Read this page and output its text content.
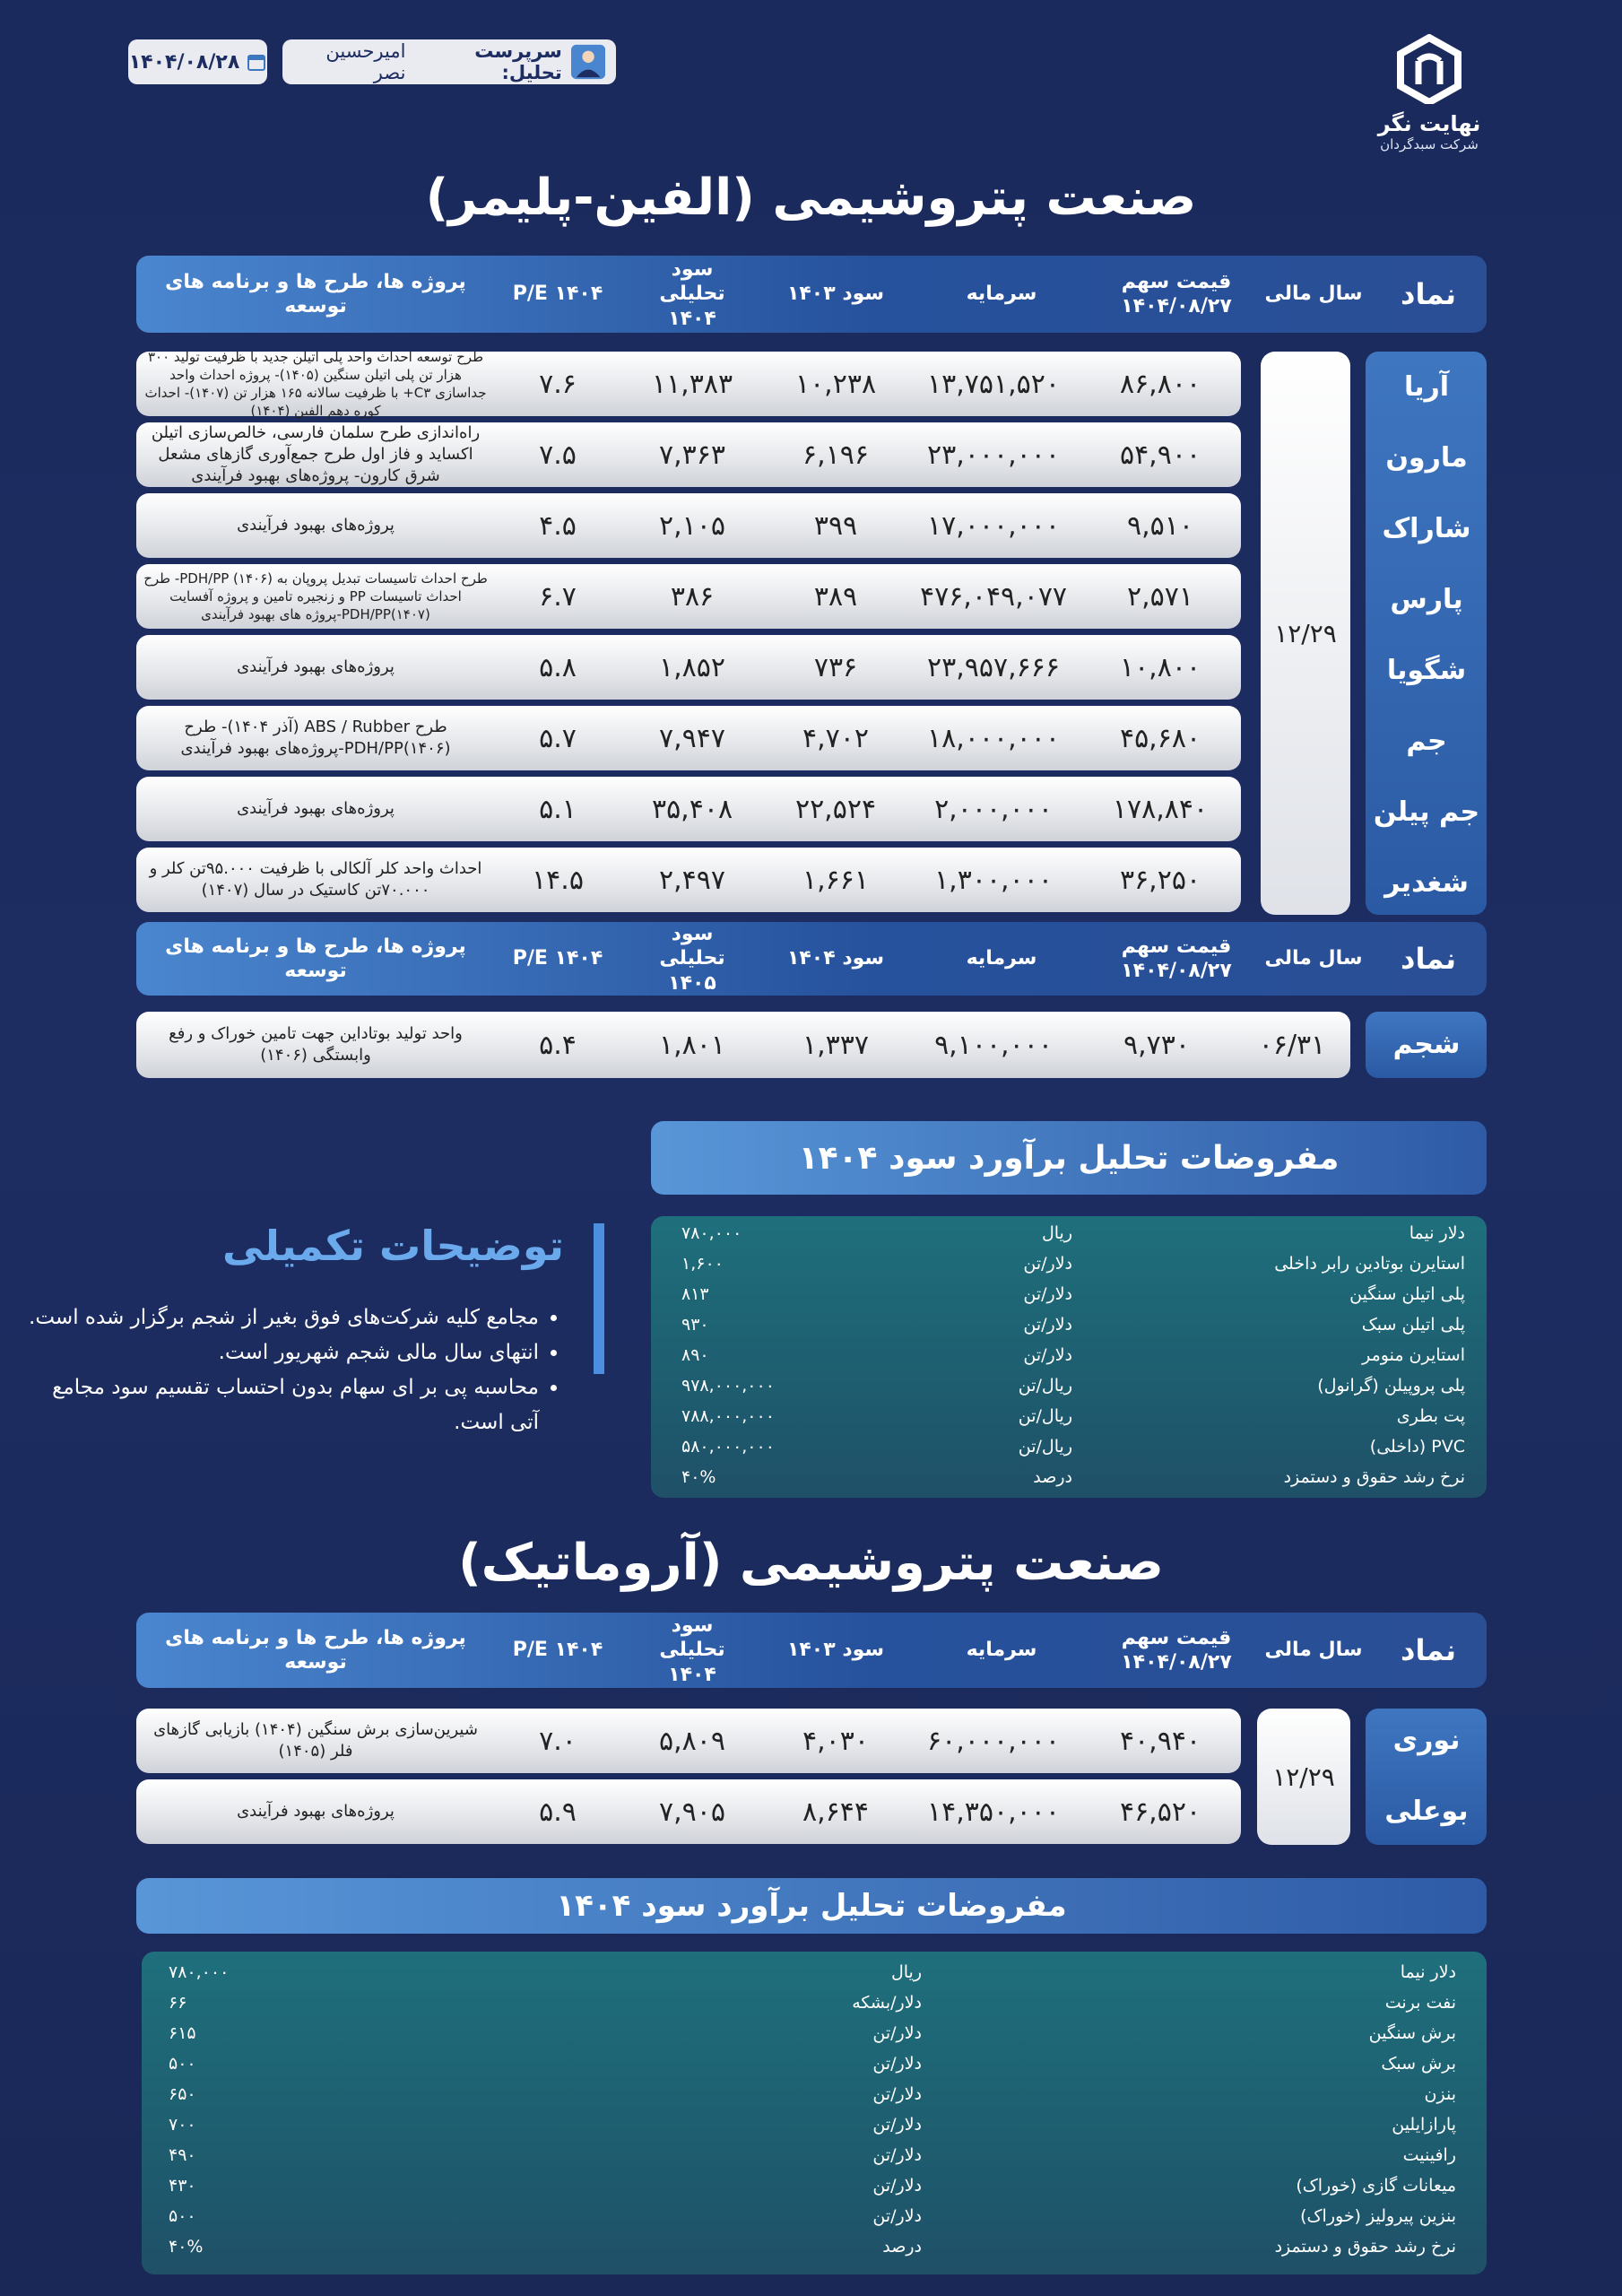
نهایت نگر
شرکت سبدگردان
سرپرست تحلیل:
امیرحسین نصر
۱۴۰۴/۰۸/۲۸
صنعت پتروشیمی (الفین-پلیمر)
نماد
سال مالی
قیمت سهم ۱۴۰۴/۰۸/۲۷
سرمایه
سود ۱۴۰۳
سود تحلیلی ۱۴۰۴
P/E ۱۴۰۴
پروژه ها، طرح ها و برنامه های توسعه
آریا
مارون
شاراک
پارس
شگویا
جم
جم پیلن
شغدیر
۱۲/۲۹
۸۶,۸۰۰
۱۳,۷۵۱,۵۲۰
۱۰,۲۳۸
۱۱,۳۸۳
۷.۶
طرح توسعه احداث واحد پلی اتیلن جدید با ظرفیت تولید ۳۰۰ هزار تن پلی اتیلن سنگین (۱۴۰۵)- پروژه احداث واحد جداسازی C۳+ با ظرفیت سالانه ۱۶۵ هزار تن (۱۴۰۷)- احداث کوره دهم الفین (۱۴۰۴)
۵۴,۹۰۰
۲۳,۰۰۰,۰۰۰
۶,۱۹۶
۷,۳۶۳
۷.۵
راه‌اندازی طرح سلمان فارسی، خالص‌سازی اتیلن اکساید و فاز اول طرح جمع‌آوری گازهای مشعل شرق کارون- پروژه‌های بهبود فرآیندی
۹,۵۱۰
۱۷,۰۰۰,۰۰۰
۳۹۹
۲,۱۰۵
۴.۵
پروژه‌های بهبود فرآیندی
۲,۵۷۱
۴۷۶,۰۴۹,۰۷۷
۳۸۹
۳۸۶
۶.۷
طرح احداث تاسیسات تبدیل پروپان به PDH/PP (۱۴۰۶)- طرح احداث تاسیسات PP و زنجیره تامین و پروژه آفسایت PDH/PP(۱۴۰۷)-پروژه های بهبود فرآیندی
۱۰,۸۰۰
۲۳,۹۵۷,۶۶۶
۷۳۶
۱,۸۵۲
۵.۸
پروژه‌های بهبود فرآیندی
۴۵,۶۸۰
۱۸,۰۰۰,۰۰۰
۴,۷۰۲
۷,۹۴۷
۵.۷
طرح ABS / Rubber (آذر ۱۴۰۴)- طرح PDH/PP(۱۴۰۶)-پروژه‌های بهبود فرآیندی
۱۷۸,۸۴۰
۲,۰۰۰,۰۰۰
۲۲,۵۲۴
۳۵,۴۰۸
۵.۱
پروژه‌های بهبود فرآیندی
۳۶,۲۵۰
۱,۳۰۰,۰۰۰
۱,۶۶۱
۲,۴۹۷
۱۴.۵
احداث واحد کلر آلکالی با ظرفیت ۹۵.۰۰۰تن کلر و ۷۰.۰۰۰تن کاستیک در سال (۱۴۰۷)
نماد
سال مالی
قیمت سهم ۱۴۰۴/۰۸/۲۷
سرمایه
سود ۱۴۰۴
سود تحلیلی ۱۴۰۵
P/E ۱۴۰۴
پروژه ها، طرح ها و برنامه های توسعه
شجم
۰۶/۳۱
۹,۷۳۰
۹,۱۰۰,۰۰۰
۱,۳۳۷
۱,۸۰۱
۵.۴
واحد تولید بوتاداین جهت تامین خوراک و رفع وابستگی (۱۴۰۶)
مفروضات تحلیل برآورد سود ۱۴۰۴
دلار نیما
ریال
۷۸۰,۰۰۰
استایرن بوتادین رابر داخلی
دلار/تن
۱,۶۰۰
پلی اتیلن سنگین
دلار/تن
۸۱۳
پلی اتیلن سبک
دلار/تن
۹۳۰
استایرن منومر
دلار/تن
۸۹۰
پلی پروپیلن (گرانول)
ریال/تن
۹۷۸,۰۰۰,۰۰۰
پت بطری
ریال/تن
۷۸۸,۰۰۰,۰۰۰
PVC (داخلی)
ریال/تن
۵۸۰,۰۰۰,۰۰۰
نرخ رشد حقوق و دستمزد
درصد
۴۰%
توضیحات تکمیلی
• مجامع کلیه شرکت‌های فوق بغیر از شجم برگزار شده است.
• انتهای سال مالی شجم شهریور است.
• محاسبه پی بر ای سهام بدون احتساب تقسیم سود مجامع آتی است.
صنعت پتروشیمی (آروماتیک)
نماد
سال مالی
قیمت سهم ۱۴۰۴/۰۸/۲۷
سرمایه
سود ۱۴۰۳
سود تحلیلی ۱۴۰۴
P/E ۱۴۰۴
پروژه ها، طرح ها و برنامه های توسعه
نوری
بوعلی
۱۲/۲۹
۴۰,۹۴۰
۶۰,۰۰۰,۰۰۰
۴,۰۳۰
۵,۸۰۹
۷.۰
شیرین‌سازی برش سنگین (۱۴۰۴) بازیابی گازهای فلر (۱۴۰۵)
۴۶,۵۲۰
۱۴,۳۵۰,۰۰۰
۸,۶۴۴
۷,۹۰۵
۵.۹
پروژه‌های بهبود فرآیندی
مفروضات تحلیل برآورد سود ۱۴۰۴
دلار نیما
ریال
۷۸۰,۰۰۰
نفت برنت
دلار/بشکه
۶۶
برش سنگین
دلار/تن
۶۱۵
برش سبک
دلار/تن
۵۰۰
بنزن
دلار/تن
۶۵۰
پارازایلین
دلار/تن
۷۰۰
رافینیت
دلار/تن
۴۹۰
میعانات گازی (خوراک)
دلار/تن
۴۳۰
بنزین پیرولیز (خوراک)
دلار/تن
۵۰۰
نرخ رشد حقوق و دستمزد
درصد
۴۰%
